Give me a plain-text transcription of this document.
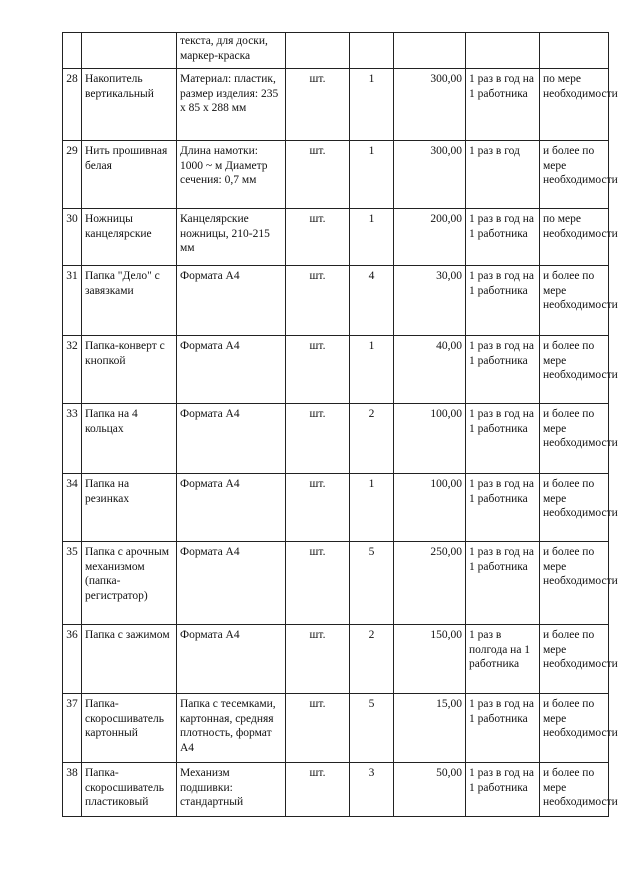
		текста, для доски, маркер-краска					
28	Накопитель вертикальный	Материал: пластик, размер изделия: 235 х 85 х 288 мм	шт.	1	300,00	1 раз в год на 1 работника	по мере необходимости
29	Нить прошивная белая	Длина намотки: 1000 ~ м Диаметр сечения: 0,7 мм	шт.	1	300,00	1 раз в год	и более по мере необходимости
30	Ножницы канцелярские	Канцелярские ножницы, 210-215 мм	шт.	1	200,00	1 раз в год на 1 работника	по мере необходимости
31	Папка "Дело" с завязками	Формата А4	шт.	4	30,00	1 раз в год на 1 работника	и более по мере необходимости
32	Папка-конверт с кнопкой	Формата А4	шт.	1	40,00	1 раз в год на 1 работника	и более по мере необходимости
33	Папка на 4 кольцах	Формата А4	шт.	2	100,00	1 раз в год на 1 работника	и более по мере необходимости
34	Папка на резинках	Формата А4	шт.	1	100,00	1 раз в год на 1 работника	и более по мере необходимости
35	Папка с арочным механизмом (папка-регистратор)	Формата А4	шт.	5	250,00	1 раз в год на 1 работника	и более по мере необходимости
36	Папка с зажимом	Формата А4	шт.	2	150,00	1 раз в полгода на 1 работника	и более по мере необходимости
37	Папка-скоросшиватель картонный	Папка с тесемками, картонная, средняя плотность, формат А4	шт.	5	15,00	1 раз в год на 1 работника	и более по мере необходимости
38	Папка-скоросшиватель пластиковый	Механизм подшивки: стандартный	шт.	3	50,00	1 раз в год на 1 работника	и более по мере необходимости
